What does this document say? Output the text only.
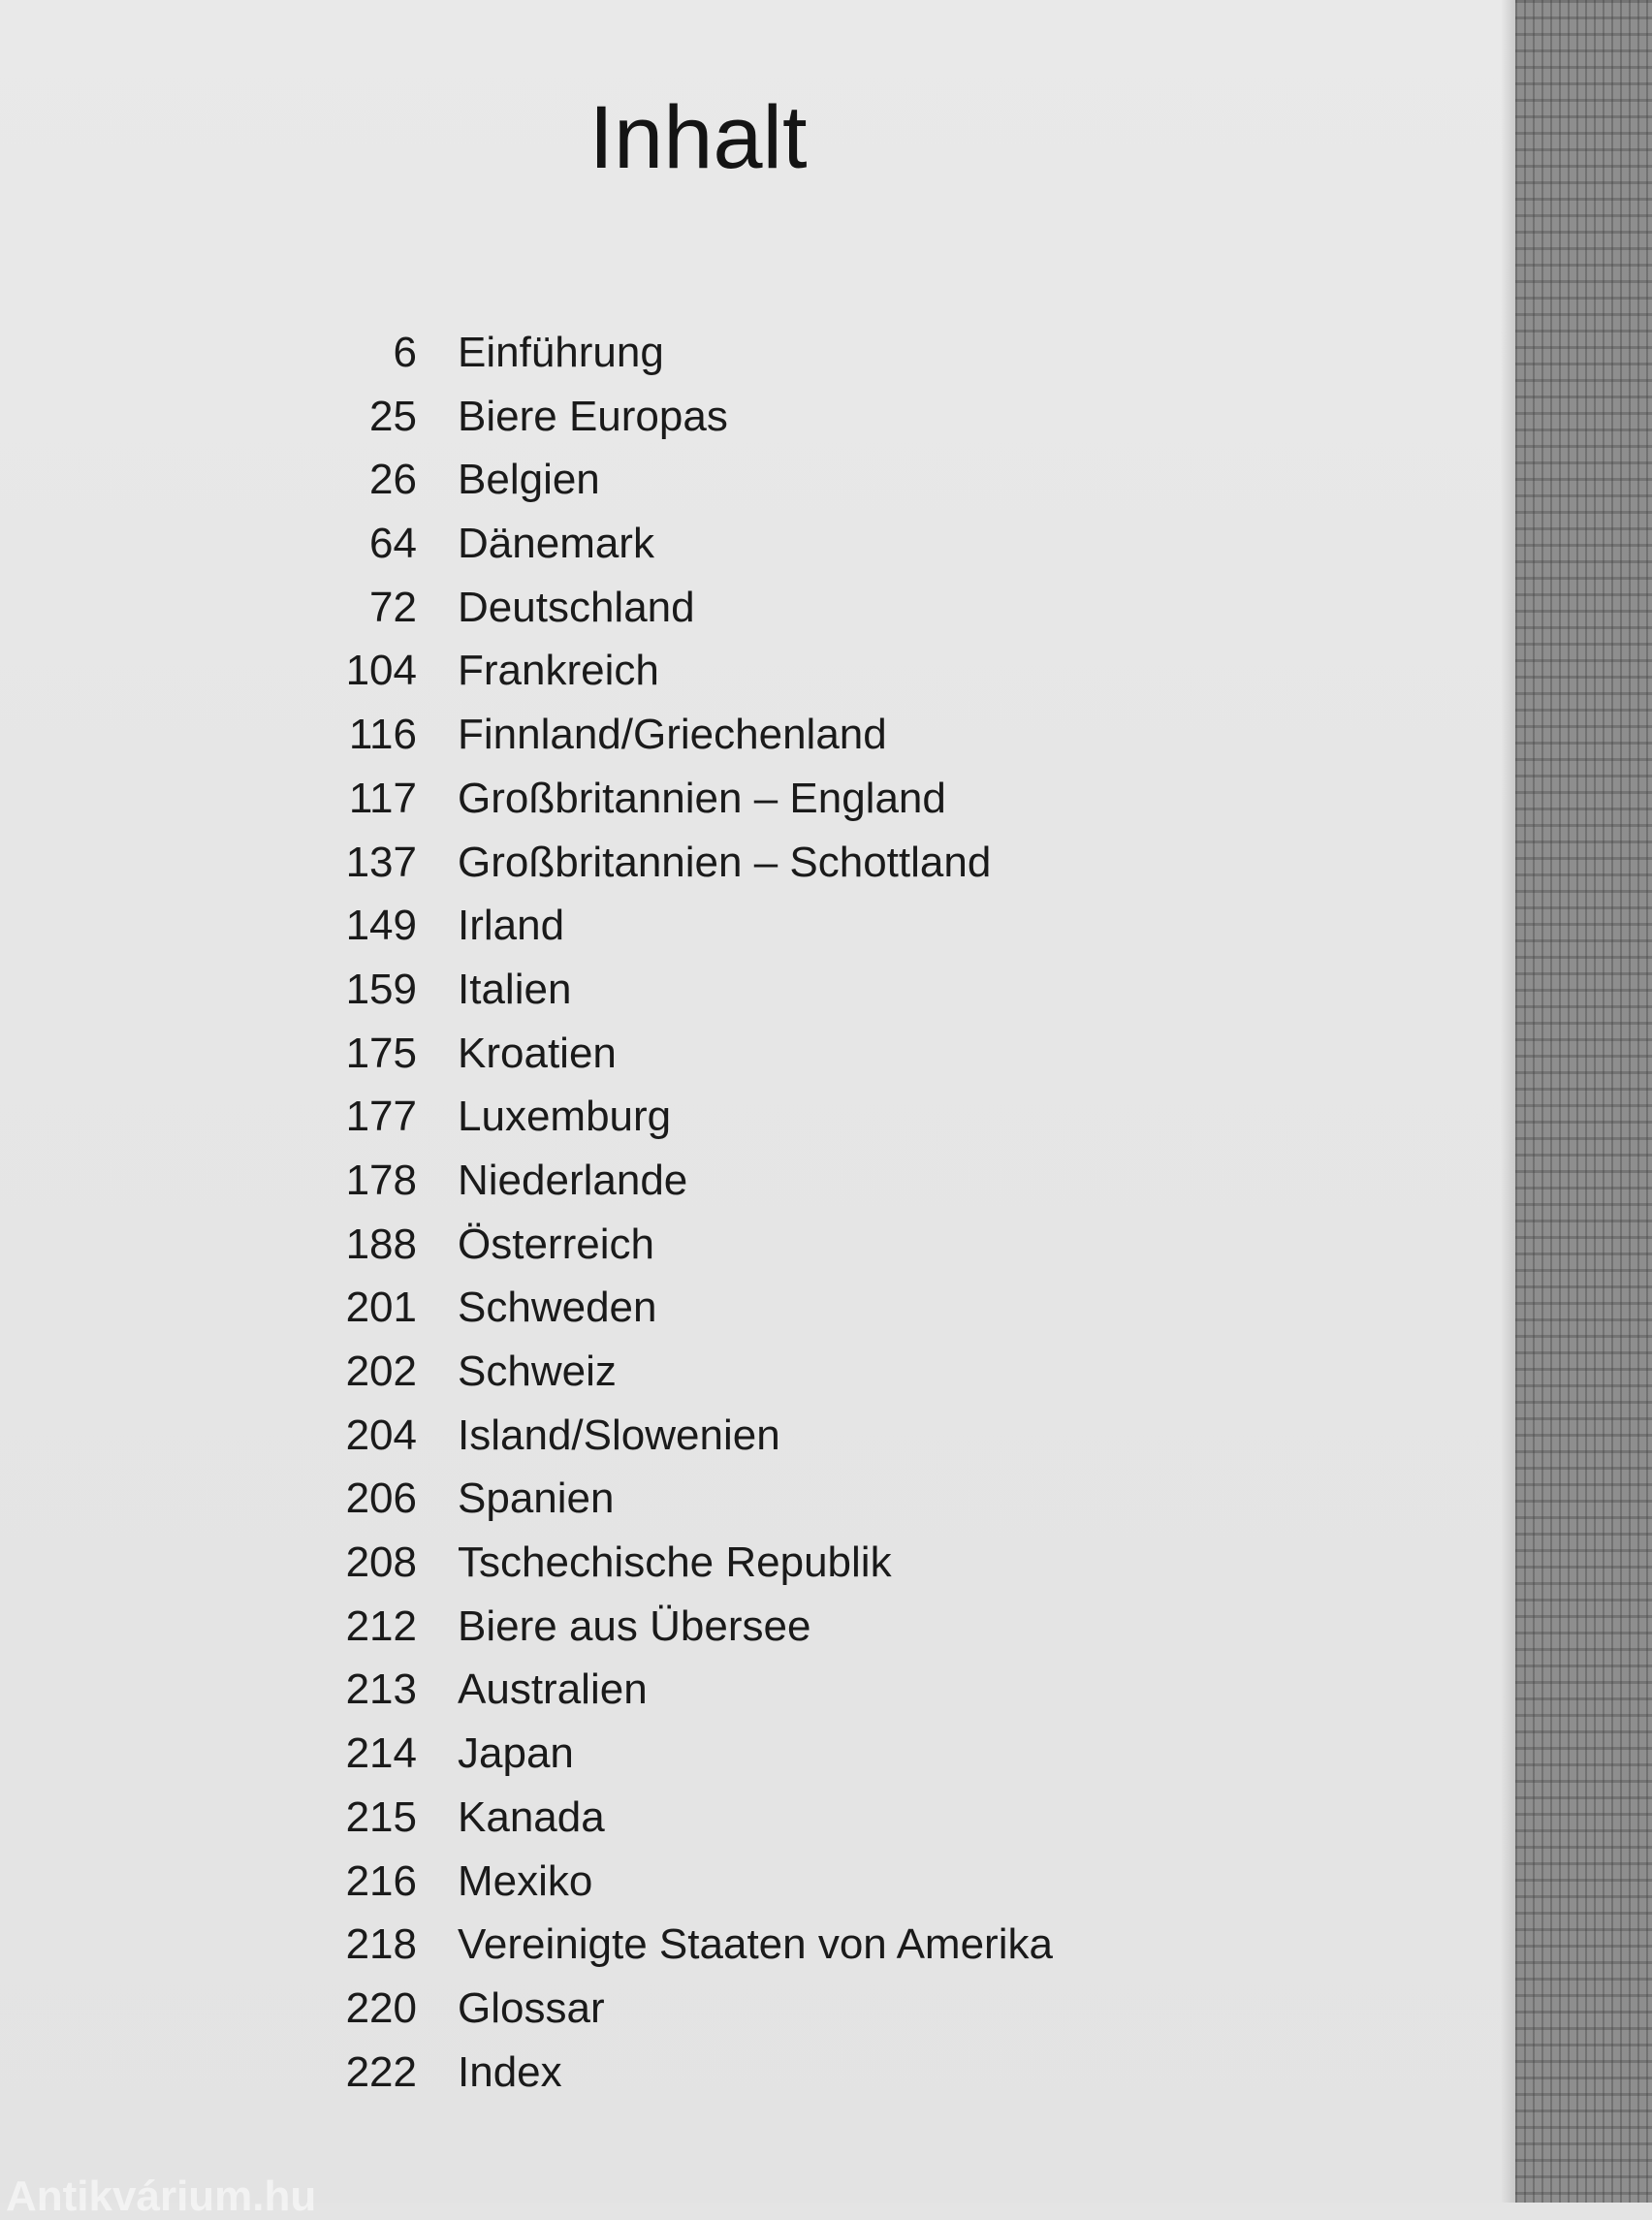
Inhalt
6 Einführung
25 Biere Europas
26 Belgien
64 Dänemark
72 Deutschland
104 Frankreich
116 Finnland/Griechenland
117 Großbritannien – England
137 Großbritannien – Schottland
149 Irland
159 Italien
175 Kroatien
177 Luxemburg
178 Niederlande
188 Österreich
201 Schweden
202 Schweiz
204 Island/Slowenien
206 Spanien
208 Tschechische Republik
212 Biere aus Übersee
213 Australien
214 Japan
215 Kanada
216 Mexiko
218 Vereinigte Staaten von Amerika
220 Glossar
222 Index
Antikvárium.hu
